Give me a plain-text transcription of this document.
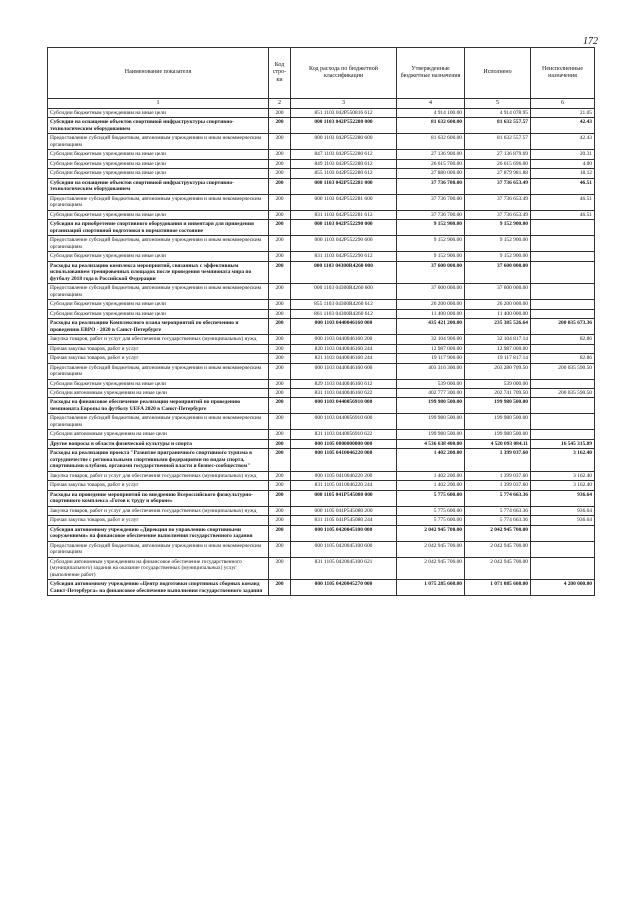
172
Наименование показателя	Код стро-ки	Код расхода по бюджетной классификации	Утвержденные бюджетные назначения	Исполнено	Неисполненные назначения
1	2	3	4	5	6
Субсидии бюджетным учреждениям на иные цели	200	851 1103 042P550816 612	4 914 100.00	4 914 078.95	21.05
Субсидии на оснащение объектов спортивной инфраструктуры спортивно-технологическим оборудованием	200	000 1103 042P552280 000	81 632 600.00	81 632 557.57	42.43
Предоставление субсидий бюджетным, автономным учреждениям и иным некоммерческим организациям	200	000 1103 042P552280 600	81 632 600.00	81 632 557.57	42.43
Субсидии бюджетным учреждениям на иные цели	200	847 1103 042P552280 612	27 136 900.00	27 136 879.69	20.31
Субсидии бюджетным учреждениям на иные цели	200	849 1103 042P552280 612	26 615 700.00	26 615 696.00	4.00
Субсидии бюджетным учреждениям на иные цели	200	855 1103 042P552280 612	27 880 000.00	27 879 981.88	18.12
Субсидии на оснащение объектов спортивной инфраструктуры спортивно-технологическим оборудованием	200	000 1103 042P552281 000	37 736 700.00	37 736 653.49	46.51
Предоставление субсидий бюджетным, автономным учреждениям и иным некоммерческим организациям	200	000 1103 042P552281 600	37 736 700.00	37 736 653.49	46.51
Субсидии бюджетным учреждениям на иные цели	200	831 1103 042P552281 612	37 736 700.00	37 736 653.49	46.51
Субсидия на приобретение спортивного оборудования и инвентаря для приведения организаций спортивной подготовки в нормативное состояние	200	000 1103 042P552290 000	9 152 900.00	9 152 900.00	
Предоставление субсидий бюджетным, автономным учреждениям и иным некоммерческим организациям	200	000 1103 042P552290 600	9 152 900.00	9 152 900.00	
Субсидии бюджетным учреждениям на иные цели	200	831 1103 042P552290 612	9 152 900.00	9 152 900.00	
Расходы на реализацию комплекса мероприятий, связанных с эффективным использованием тренировочных площадок после проведения чемпионата мира по футболу 2018 года в Российской Федерации	200	000 1103 04300R4260 000	37 600 000.00	37 600 000.00	
Предоставление субсидий бюджетным, автономным учреждениям и иным некоммерческим организациям	200	000 1103 04300R4260 600	37 600 000.00	37 600 000.00	
Субсидии бюджетным учреждениям на иные цели	200	855 1103 04300R4260 612	26 200 000.00	26 200 000.00	
Субсидии бюджетным учреждениям на иные цели	200	861 1103 04300R4260 612	11 400 000.00	11 400 000.00	
Расходы на реализацию Комплексного плана мероприятий по обеспечению и проведению ЕВРО - 2020 в Санкт-Петербурге	200	000 1103 0440046160 000	435 421 200.00	235 385 526.64	200 035 673.36
Закупка товаров, работ и услуг для обеспечения государственных (муниципальных) нужд	200	000 1103 0440046160 200	32 104 900.00	32 104 817.14	82.86
Прочая закупка товаров, работ и услуг	200	820 1103 0440046160 244	12 987 000.00	12 987 000.00	
Прочая закупка товаров, работ и услуг	200	821 1103 0440046160 244	19 117 900.00	19 117 817.14	82.86
Предоставление субсидий бюджетным, автономным учреждениям и иным некоммерческим организациям	200	000 1103 0440046160 600	403 316 300.00	203 280 709.50	200 035 590.50
Субсидии бюджетным учреждениям на иные цели	200	829 1103 0440046160 612	539 000.00	539 000.00	
Субсидии автономным учреждениям на иные цели	200	831 1103 0440046160 622	402 777 300.00	202 741 709.50	200 035 590.50
Расходы на финансовое обеспечение реализации мероприятий по проведению чемпионата Европы по футболу UEFA 2020 в Санкт-Петербурге	200	000 1103 0440056910 000	199 980 500.00	199 980 500.00	
Предоставление субсидий бюджетным, автономным учреждениям и иным некоммерческим организациям	200	000 1103 0440056910 600	199 980 500.00	199 980 500.00	
Субсидии автономным учреждениям на иные цели	200	831 1103 0440056910 622	199 980 500.00	199 980 500.00	
Другие вопросы в области физической культуры и спорта	200	000 1105 0000000000 000	4 536 638 400.00	4 520 093 084.11	16 545 315.89
Расходы на реализацию проекта "Развитие приграничного спортивного туризма в сотрудничестве с региональными спортивными федерациями по видам спорта, спортивными клубами, органами государственной власти и бизнес-сообществом"	200	000 1105 0410046220 000	1 402 200.00	1 399 037.60	3 162.40
Закупка товаров, работ и услуг для обеспечения государственных (муниципальных) нужд	200	000 1105 0410046220 200	1 402 200.00	1 399 037.60	3 162.40
Прочая закупка товаров, работ и услуг	200	831 1105 0410046220 244	1 402 200.00	1 399 037.60	3 162.40
Расходы на проведение мероприятий по внедрению Всероссийского физкультурно-спортивного комплекса «Готов к труду и обороне»	200	000 1105 041P545080 000	5 775 600.00	5 774 663.36	936.64
Закупка товаров, работ и услуг для обеспечения государственных (муниципальных) нужд	200	000 1105 041P545080 200	5 775 600.00	5 774 663.36	936.64
Прочая закупка товаров, работ и услуг	200	831 1105 041P545080 244	5 775 600.00	5 774 663.36	936.64
Субсидия автономному учреждению «Дирекция по управлению спортивными сооружениями» на финансовое обеспечение выполнения государственного задания	200	000 1105 0420045100 000	2 042 945 700.00	2 042 945 700.00	
Предоставление субсидий бюджетным, автономным учреждениям и иным некоммерческим организациям	200	000 1105 0420045100 600	2 042 945 700.00	2 042 945 700.00	
Субсидии автономным учреждениям на финансовое обеспечение государственного (муниципального) задания на оказание государственных (муниципальных) услуг (выполнение работ)	200	831 1105 0420045100 621	2 042 945 700.00	2 042 945 700.00	
Субсидия автономному учреждению «Центр подготовки спортивных сборных команд Санкт-Петербурга» на финансовое обеспечение выполнения государственного задания	200	000 1105 0420045270 000	1 075 285 600.00	1 071 085 600.00	4 200 000.00
